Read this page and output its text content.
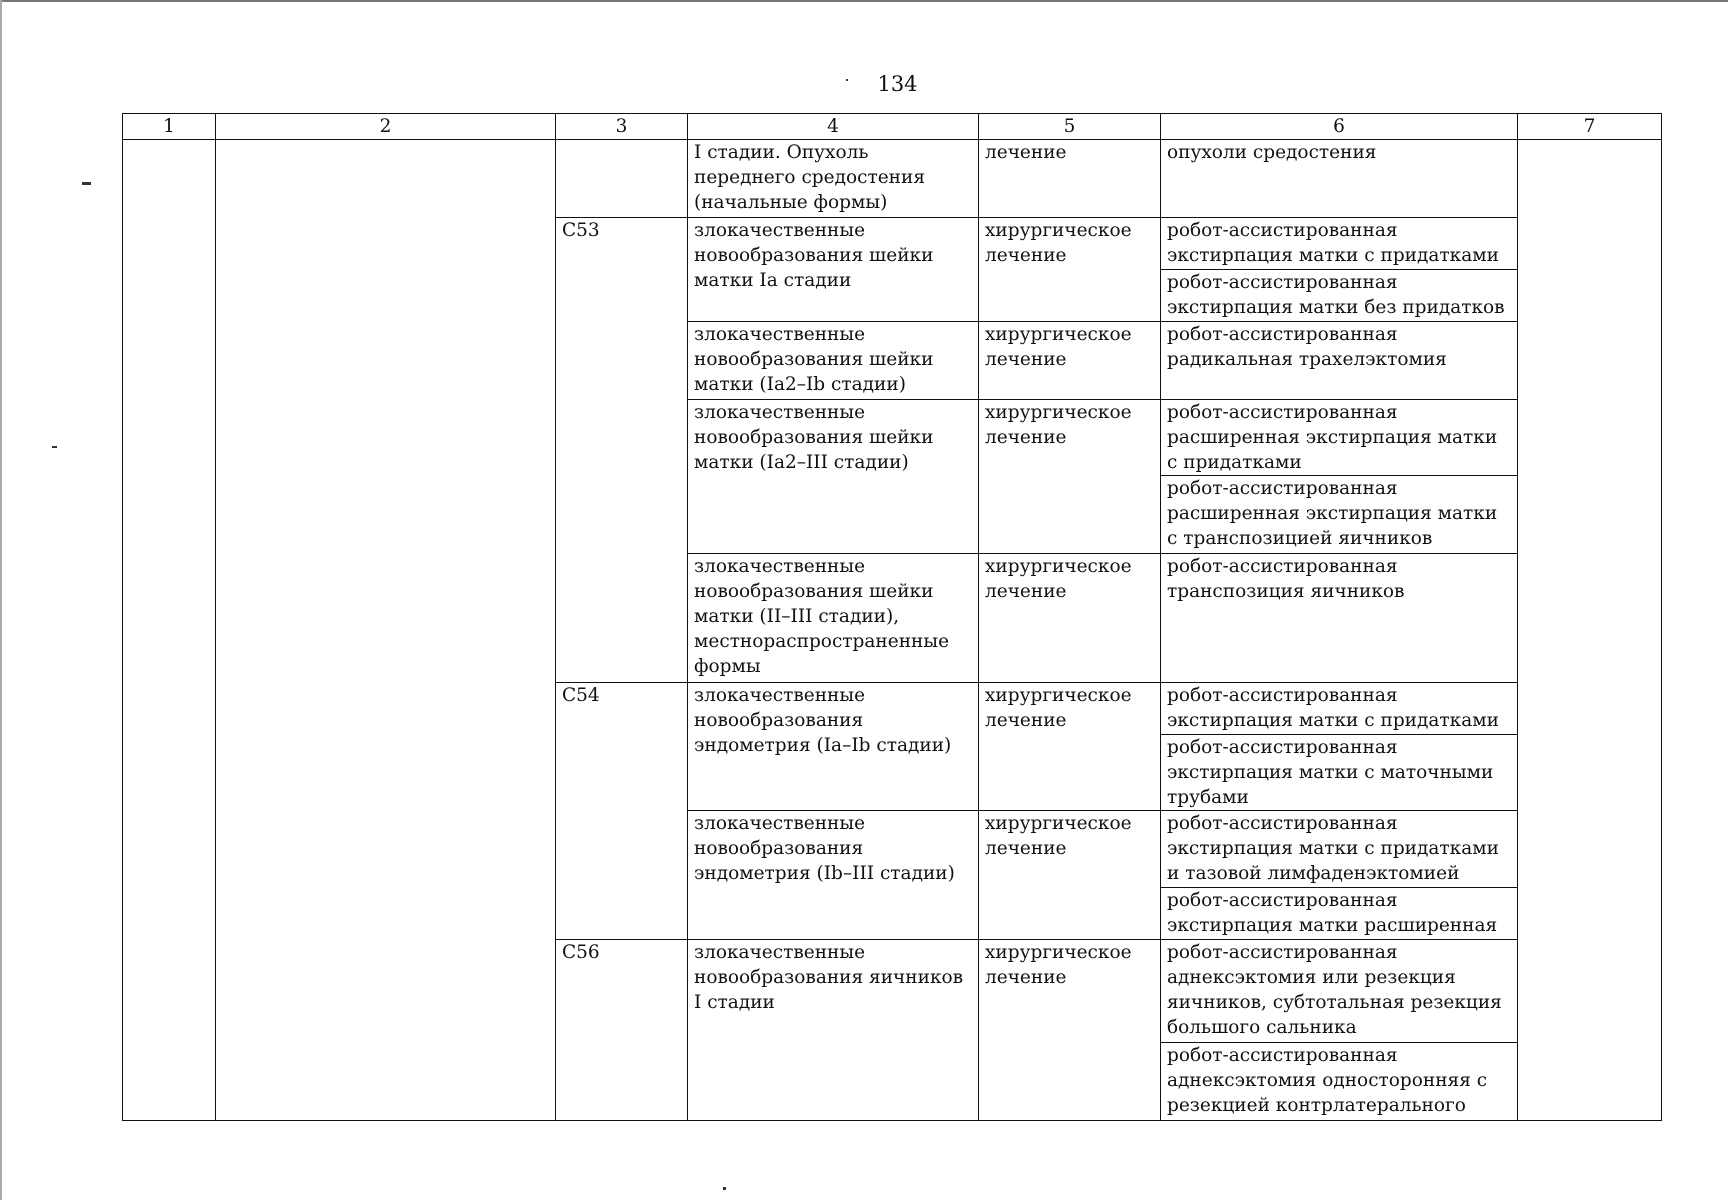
134
1	2	3	4	5	6	7
			I стадии. Опухоль переднего средостения (начальные формы)	лечение	опухоли средостения	
		C53	злокачественные новообразования шейки матки Ia стадии	хирургическое лечение	робот-ассистированная экстирпация матки с придатками	
					робот-ассистированная экстирпация матки без придатков	
			злокачественные новообразования шейки матки (Ia2–Ib стадии)	хирургическое лечение	робот-ассистированная радикальная трахелэктомия	
			злокачественные новообразования шейки матки (Ia2–III стадии)	хирургическое лечение	робот-ассистированная расширенная экстирпация матки с придатками	
					робот-ассистированная расширенная экстирпация матки с транспозицией яичников	
			злокачественные новообразования шейки матки (II–III стадии), местнораспространенные формы	хирургическое лечение	робот-ассистированная транспозиция яичников	
		C54	злокачественные новообразования эндометрия (Ia–Ib стадии)	хирургическое лечение	робот-ассистированная экстирпация матки с придатками	
					робот-ассистированная экстирпация матки с маточными трубами	
			злокачественные новообразования эндометрия (Ib–III стадии)	хирургическое лечение	робот-ассистированная экстирпация матки с придатками и тазовой лимфаденэктомией	
					робот-ассистированная экстирпация матки расширенная	
		C56	злокачественные новообразования яичников I стадии	хирургическое лечение	робот-ассистированная аднексэктомия или резекция яичников, субтотальная резекция большого сальника	
					робот-ассистированная аднексэктомия односторонняя с резекцией контрлатерального	
